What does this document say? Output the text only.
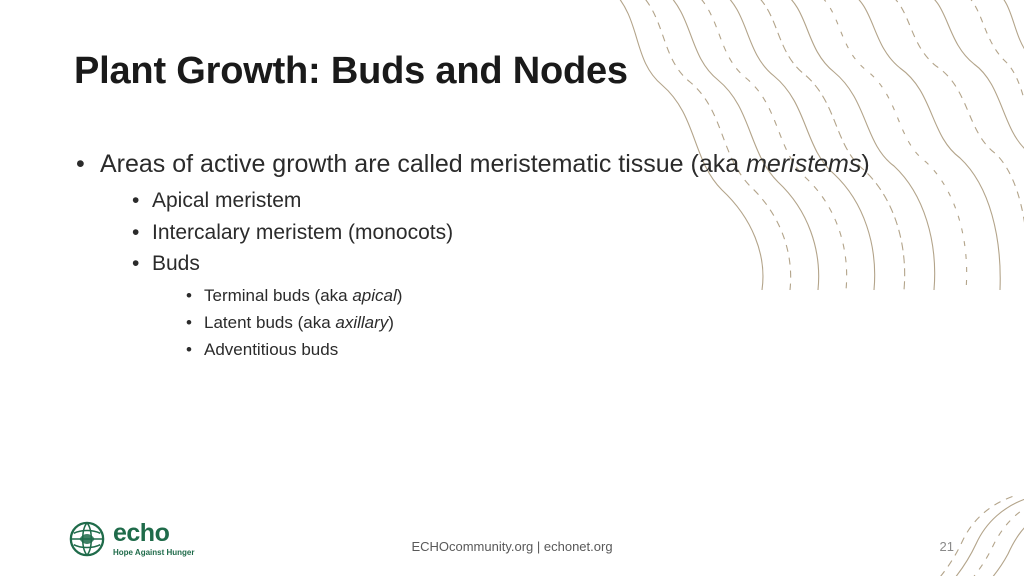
Plant Growth: Buds and Nodes
• Areas of active growth are called meristematic tissue (aka meristems)
• Apical meristem
• Intercalary meristem (monocots)
• Buds
• Terminal buds (aka apical)
• Latent buds (aka axillary)
• Adventitious buds
echo
Hope Against Hunger	ECHOcommunity.org | echonet.org	21
